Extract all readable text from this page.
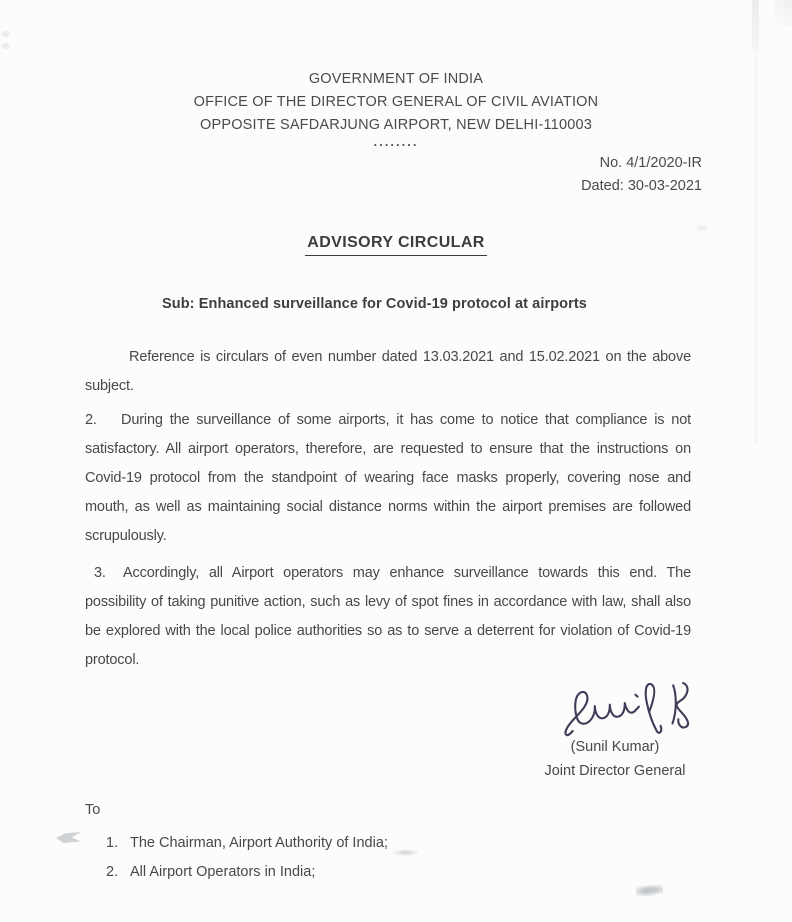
GOVERNMENT OF INDIA
OFFICE OF THE DIRECTOR GENERAL OF CIVIL AVIATION
OPPOSITE SAFDARJUNG AIRPORT, NEW DELHI-110003
........
No. 4/1/2020-IR
Dated: 30-03-2021
ADVISORY CIRCULAR
Sub: Enhanced surveillance for Covid-19 protocol at airports

Reference is circulars of even number dated 13.03.2021 and 15.02.2021 on the above subject.

2. During the surveillance of some airports, it has come to notice that compliance is not satisfactory. All airport operators, therefore, are requested to ensure that the instructions on Covid-19 protocol from the standpoint of wearing face masks properly, covering nose and mouth, as well as maintaining social distance norms within the airport premises are followed scrupulously.

3. Accordingly, all Airport operators may enhance surveillance towards this end. The possibility of taking punitive action, such as levy of spot fines in accordance with law, shall also be explored with the local police authorities so as to serve a deterrent for violation of Covid-19 protocol.

(Sunil Kumar)
Joint Director General
To
1. The Chairman, Airport Authority of India;
2. All Airport Operators in India;
